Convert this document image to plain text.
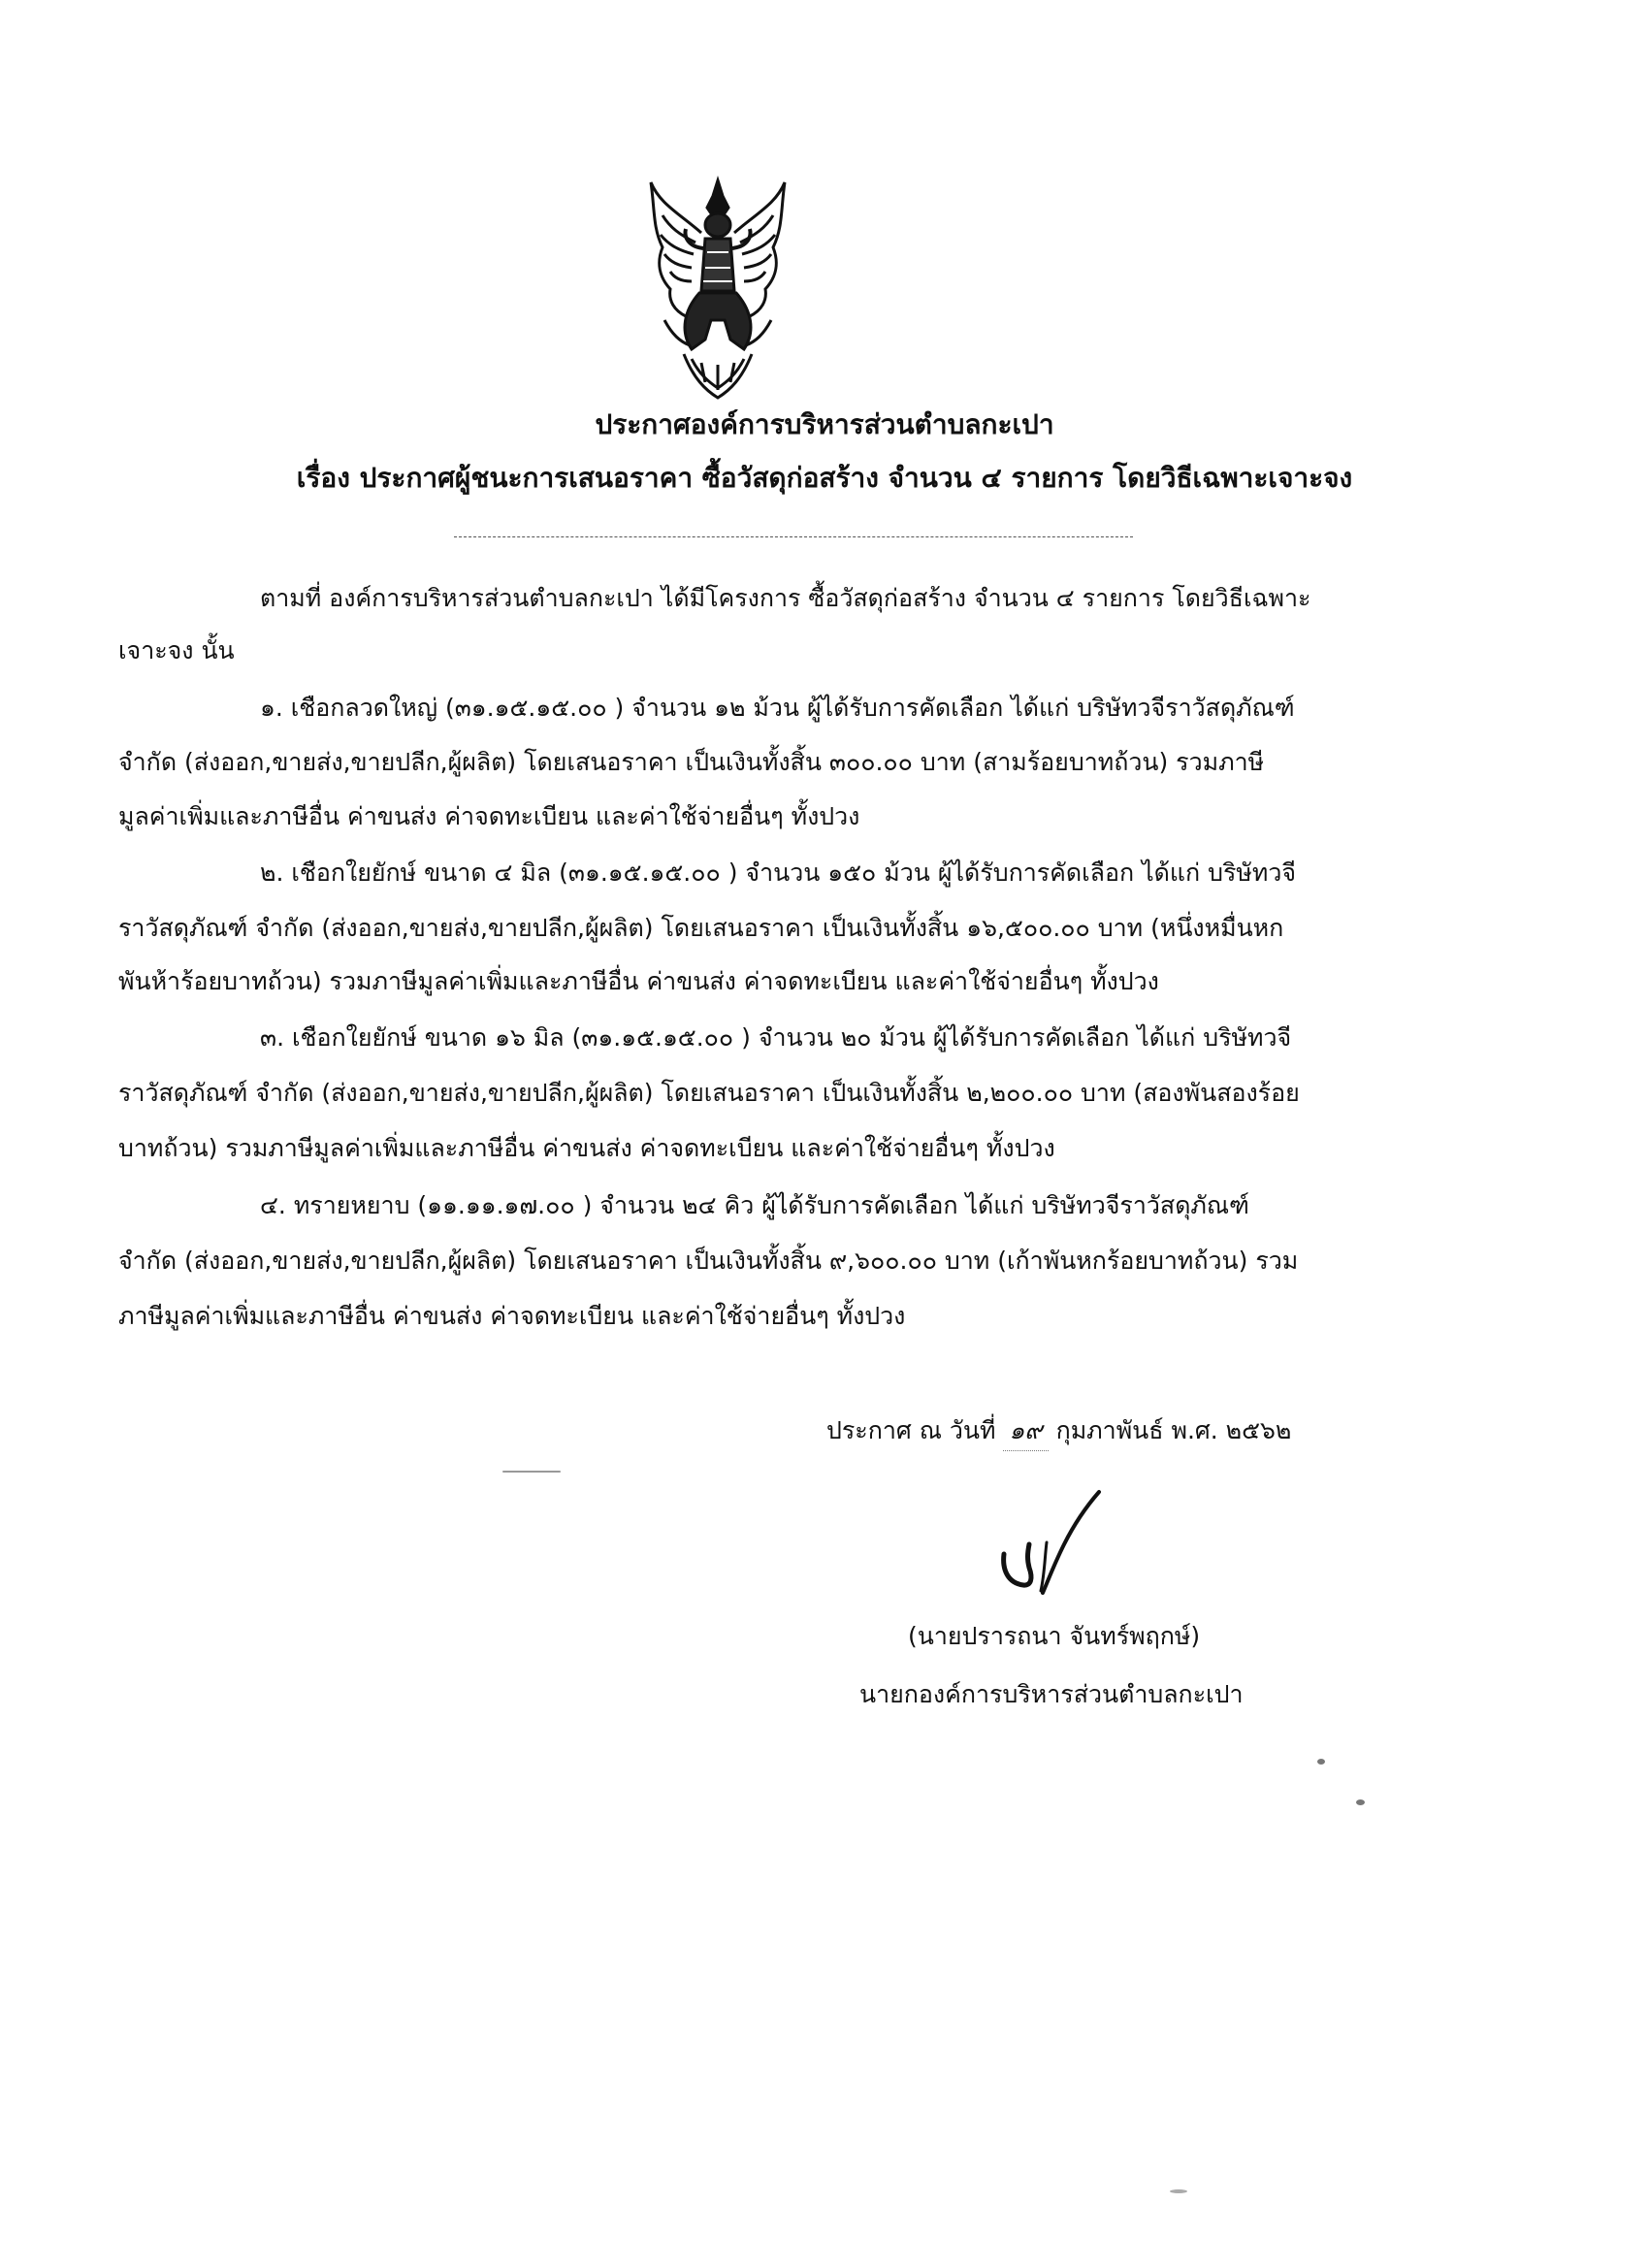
ประกาศองค์การบริหารส่วนตำบลกะเปา
เรื่อง ประกาศผู้ชนะการเสนอราคา ซื้อวัสดุก่อสร้าง จำนวน ๔ รายการ โดยวิธีเฉพาะเจาะจง
ตามที่ องค์การบริหารส่วนตำบลกะเปา ได้มีโครงการ ซื้อวัสดุก่อสร้าง จำนวน ๔ รายการ โดยวิธีเฉพาะ
เจาะจง นั้น
๑. เชือกลวดใหญ่ (๓๑.๑๕.๑๕.๐๐ ) จำนวน ๑๒ ม้วน ผู้ได้รับการคัดเลือก ได้แก่ บริษัทวจีราวัสดุภัณฑ์
จำกัด (ส่งออก,ขายส่ง,ขายปลีก,ผู้ผลิต) โดยเสนอราคา เป็นเงินทั้งสิ้น ๓๐๐.๐๐ บาท (สามร้อยบาทถ้วน) รวมภาษี
มูลค่าเพิ่มและภาษีอื่น ค่าขนส่ง ค่าจดทะเบียน และค่าใช้จ่ายอื่นๆ ทั้งปวง
๒. เชือกใยยักษ์ ขนาด ๔ มิล (๓๑.๑๕.๑๕.๐๐ ) จำนวน ๑๕๐ ม้วน ผู้ได้รับการคัดเลือก ได้แก่ บริษัทวจี
ราวัสดุภัณฑ์ จำกัด (ส่งออก,ขายส่ง,ขายปลีก,ผู้ผลิต) โดยเสนอราคา เป็นเงินทั้งสิ้น ๑๖,๕๐๐.๐๐ บาท (หนึ่งหมื่นหก
พันห้าร้อยบาทถ้วน) รวมภาษีมูลค่าเพิ่มและภาษีอื่น ค่าขนส่ง ค่าจดทะเบียน และค่าใช้จ่ายอื่นๆ ทั้งปวง
๓. เชือกใยยักษ์ ขนาด ๑๖ มิล (๓๑.๑๕.๑๕.๐๐ ) จำนวน ๒๐ ม้วน ผู้ได้รับการคัดเลือก ได้แก่ บริษัทวจี
ราวัสดุภัณฑ์ จำกัด (ส่งออก,ขายส่ง,ขายปลีก,ผู้ผลิต) โดยเสนอราคา เป็นเงินทั้งสิ้น ๒,๒๐๐.๐๐ บาท (สองพันสองร้อย
บาทถ้วน) รวมภาษีมูลค่าเพิ่มและภาษีอื่น ค่าขนส่ง ค่าจดทะเบียน และค่าใช้จ่ายอื่นๆ ทั้งปวง
๔. ทรายหยาบ (๑๑.๑๑.๑๗.๐๐ ) จำนวน ๒๔ คิว ผู้ได้รับการคัดเลือก ได้แก่ บริษัทวจีราวัสดุภัณฑ์
จำกัด (ส่งออก,ขายส่ง,ขายปลีก,ผู้ผลิต) โดยเสนอราคา เป็นเงินทั้งสิ้น ๙,๖๐๐.๐๐ บาท (เก้าพันหกร้อยบาทถ้วน) รวม
ภาษีมูลค่าเพิ่มและภาษีอื่น ค่าขนส่ง ค่าจดทะเบียน และค่าใช้จ่ายอื่นๆ ทั้งปวง
ประกาศ ณ วันที่ ๑๙ กุมภาพันธ์ พ.ศ. ๒๕๖๒
(นายปรารถนา จันทร์พฤกษ์)
นายกองค์การบริหารส่วนตำบลกะเปา
